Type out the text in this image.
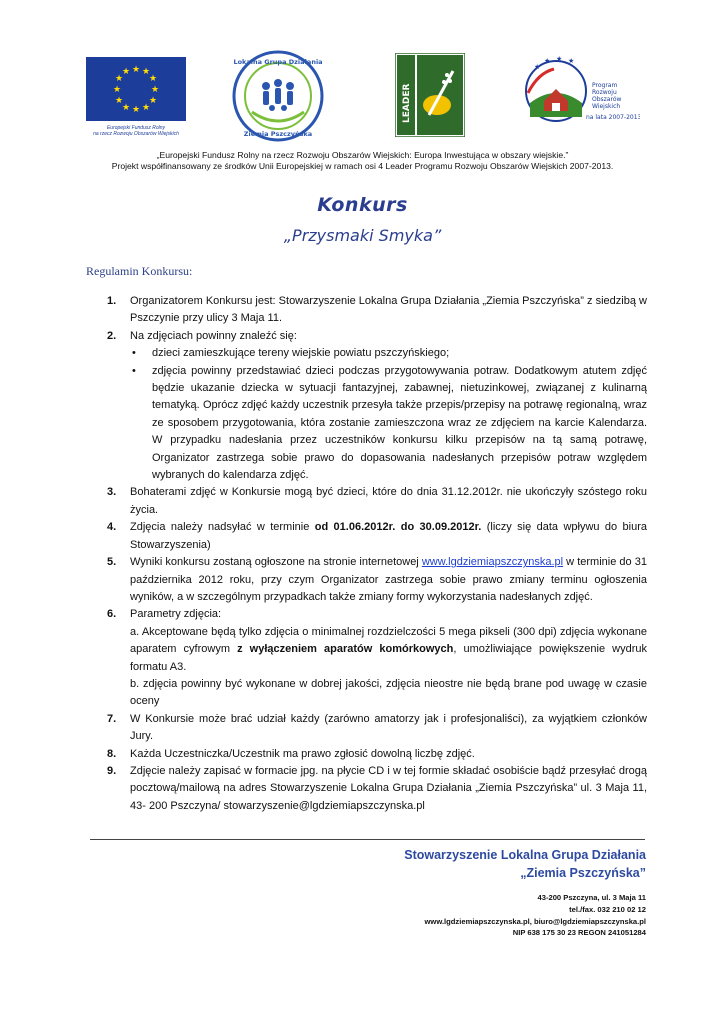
★ ★
★
★
★
★
★
★
★
★
★
★
Europejski Fundusz Rolny
na rzecz Rozwoju Obszarów Wiejskich
Lokalna Grupa Działania
Ziemia Pszczyńska
LEADER
★
★ ★ ★
Program
Rozwoju
Obszarów
Wiejskich
na lata 2007-2013
„Europejski Fundusz Rolny na rzecz Rozwoju Obszarów Wiejskich: Europa Inwestująca w obszary wiejskie.”
Projekt współfinansowany ze środków Unii Europejskiej w ramach osi 4 Leader Programu Rozwoju Obszarów Wiejskich 2007-2013.
Konkurs
„Przysmaki Smyka”
Regulamin Konkursu:
1. Organizatorem Konkursu jest: Stowarzyszenie Lokalna Grupa Działania „Ziemia Pszczyńska” z siedzibą w Pszczynie przy ulicy 3 Maja 11.
2. Na zdjęciach powinny znaleźć się:
• dzieci zamieszkujące tereny wiejskie powiatu pszczyńskiego;
• zdjęcia powinny przedstawiać dzieci podczas przygotowywania potraw. Dodatkowym atutem zdjęć będzie ukazanie dziecka w sytuacji fantazyjnej, zabawnej, nietuzinkowej, związanej z kulinarną tematyką. Oprócz zdjęć każdy uczestnik przesyła także przepis/przepisy na potrawę regionalną, wraz ze sposobem przygotowania, która zostanie zamieszczona wraz ze zdjęciem na karcie Kalendarza. W przypadku nadesłania przez uczestników konkursu kilku przepisów na tą samą potrawę, Organizator zastrzega sobie prawo do dopasowania nadesłanych przepisów potraw względem wybranych do kalendarza zdjęć.
3. Bohaterami zdjęć w Konkursie mogą być dzieci, które do dnia 31.12.2012r. nie ukończyły szóstego roku życia.
4. Zdjęcia należy nadsyłać w terminie od 01.06.2012r. do 30.09.2012r. (liczy się data wpływu do biura Stowarzyszenia)
5. Wyniki konkursu zostaną ogłoszone na stronie internetowej www.lgdziemiapszczynska.pl w terminie do 31 października 2012 roku, przy czym Organizator zastrzega sobie prawo zmiany terminu ogłoszenia wyników, a w szczególnym przypadkach także zmiany formy wykorzystania nadesłanych zdjęć.
6. Parametry zdjęcia:
a. Akceptowane będą tylko zdjęcia o minimalnej rozdzielczości 5 mega pikseli (300 dpi) zdjęcia wykonane aparatem cyfrowym z wyłączeniem aparatów komórkowych, umożliwiające powiększenie wydruk formatu A3.
b. zdjęcia powinny być wykonane w dobrej jakości, zdjęcia nieostre nie będą brane pod uwagę w czasie oceny
7. W Konkursie może brać udział każdy (zarówno amatorzy jak i profesjonaliści), za wyjątkiem członków Jury.
8. Każda Uczestniczka/Uczestnik ma prawo zgłosić dowolną liczbę zdjęć.
9. Zdjęcie należy zapisać w formacie jpg. na płycie CD i w tej formie składać osobiście bądź przesyłać drogą pocztową/mailową na adres Stowarzyszenie Lokalna Grupa Działania „Ziemia Pszczyńska” ul. 3 Maja 11, 43- 200 Pszczyna/ stowarzyszenie@lgdziemiapszczynska.pl
Stowarzyszenie Lokalna Grupa Działania
„Ziemia Pszczyńska”
43-200 Pszczyna, ul. 3 Maja 11
tel./fax. 032 210 02 12
www.lgdziemiapszczynska.pl, biuro@lgdziemiapszczynska.pl
NIP 638 175 30 23 REGON 241051284
